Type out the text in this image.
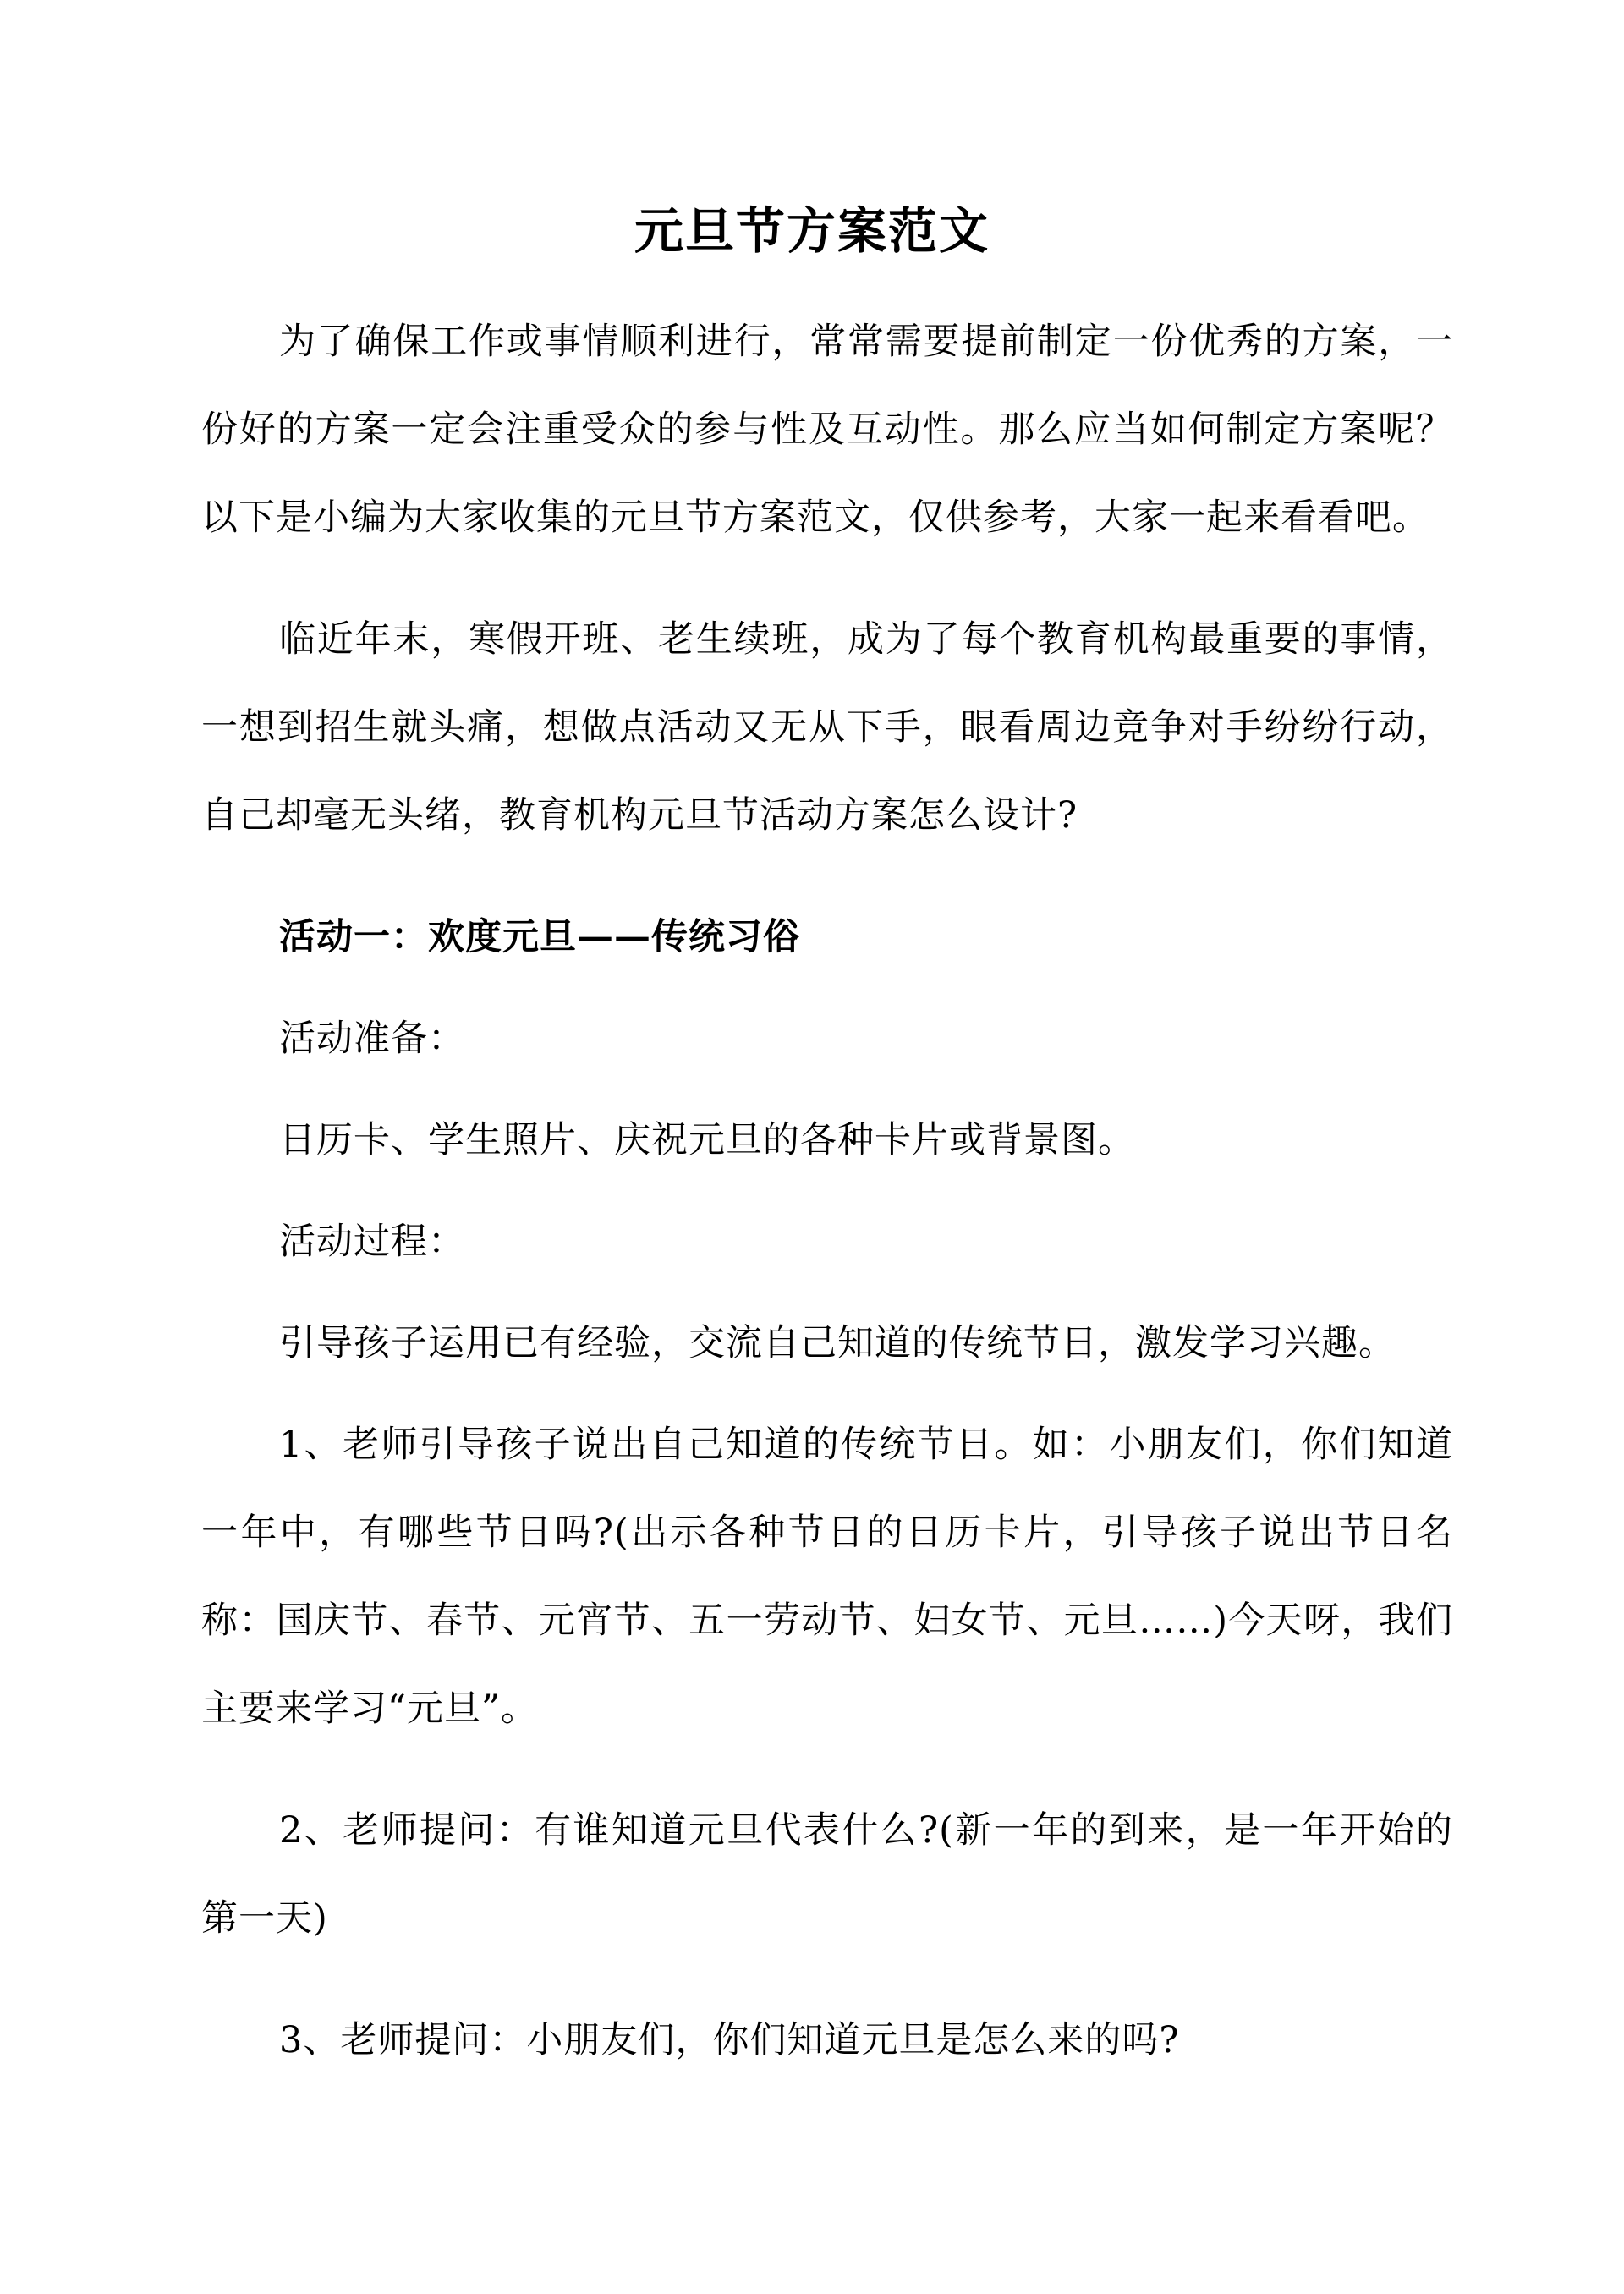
元旦节方案范文

为了确保工作或事情顺利进行，常常需要提前制定一份优秀的方案，一份好的方案一定会注重受众的参与性及互动性。那么应当如何制定方案呢？以下是小编为大家收集的元旦节方案范文，仅供参考，大家一起来看看吧。

临近年末，寒假开班、老生续班，成为了每个教育机构最重要的事情，一想到招生就头痛，想做点活动又无从下手，眼看周边竞争对手纷纷行动，自己却毫无头绪，教育机构元旦节活动方案怎么设计?

活动一：欢度元旦——传统习俗

活动准备：

日历卡、学生照片、庆祝元旦的各种卡片或背景图。

活动过程：

引导孩子运用已有经验，交流自己知道的传统节日，激发学习兴趣。

1、老师引导孩子说出自己知道的传统节日。如：小朋友们，你们知道一年中，有哪些节日吗?(出示各种节日的日历卡片，引导孩子说出节日名称：国庆节、春节、元宵节、五一劳动节、妇女节、元旦……)今天呀，我们主要来学习“元旦”。

2、老师提问：有谁知道元旦代表什么?(新一年的到来，是一年开始的第一天)

3、老师提问：小朋友们，你们知道元旦是怎么来的吗?
